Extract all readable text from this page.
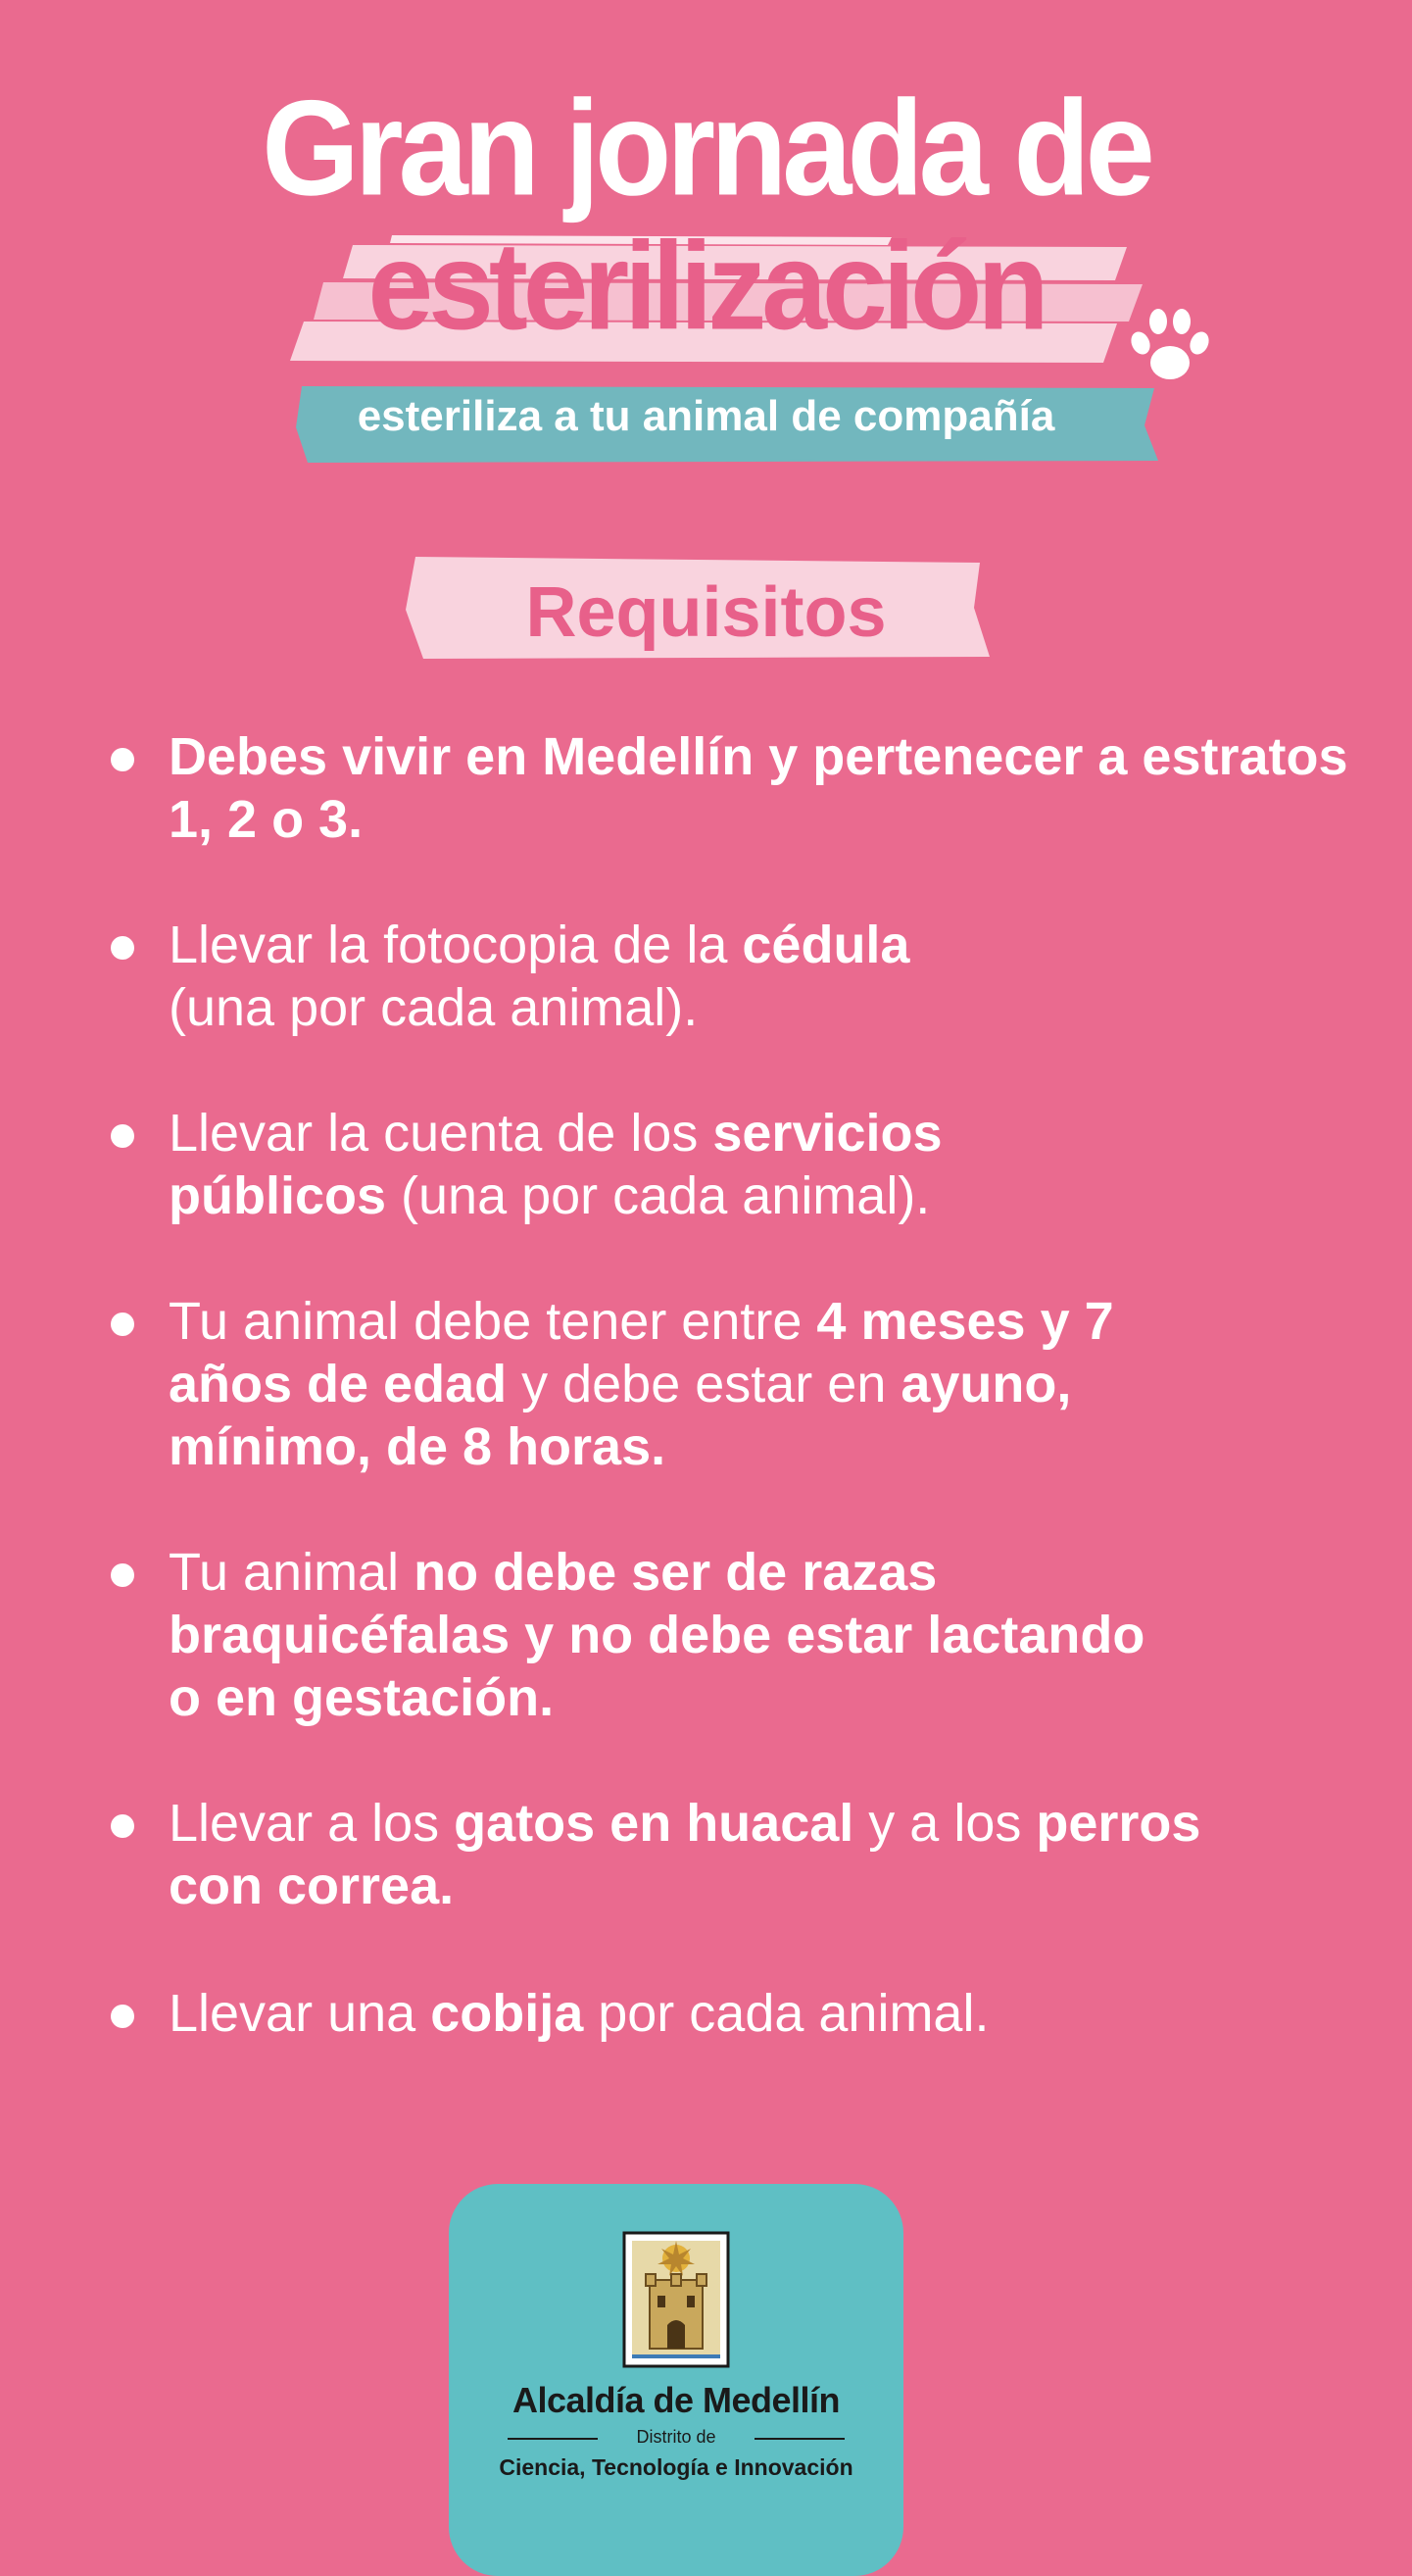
Gran jornada de
esterilización
esteriliza a tu animal de compañía
Requisitos
Debes vivir en Medellín y pertenecer a estratos 1, 2 o 3.
Llevar la fotocopia de la cédula
(una por cada animal).
Llevar la cuenta de los servicios
públicos (una por cada animal).
Tu animal debe tener entre 4 meses y 7
años de edad y debe estar en ayuno,
mínimo, de 8 horas.
Tu animal no debe ser de razas
braquicéfalas y no debe estar lactando
o en gestación.
Llevar a los gatos en huacal y a los perros
con correa.
Llevar una cobija por cada animal.
Alcaldía de Medellín
Distrito de
Ciencia, Tecnología e Innovación
